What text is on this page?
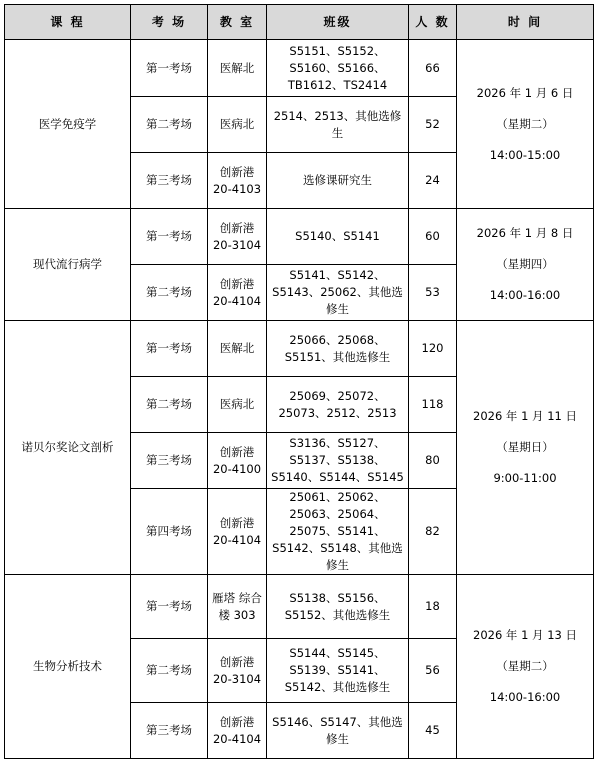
课 程	考 场	教 室	班级	人 数	时 间
医学免疫学	第一考场	医解北	S5151、S5152、S5160、S5166、TB1612、TS2414	66	2026 年 1 月 6 日
（星期二）
14:00-15:00

	第二考场	医病北	2514、2513、其他选修生	52	
	第三考场	创新港 20-4103	选修课研究生	24	
现代流行病学	第一考场	创新港 20-3104	S5140、S5141	60	2026 年 1 月 8 日
（星期四）
14:00-16:00

	第二考场	创新港 20-4104	S5141、S5142、S5143、25062、其他选修生	53	
诺贝尔奖论文剖析	第一考场	医解北	25066、25068、S5151、其他选修生	120	2026 年 1 月 11 日
（星期日）
9:00-11:00

	第二考场	医病北	25069、25072、25073、2512、2513	118	
	第三考场	创新港 20-4100	S3136、S5127、S5137、S5138、S5140、S5144、S5145	80	
	第四考场	创新港 20-4104	25061、25062、25063、25064、25075、S5141、S5142、S5148、其他选修生	82	
生物分析技术	第一考场	雁塔 综合楼 303	S5138、S5156、S5152、其他选修生	18	2026 年 1 月 13 日
（星期二）
14:00-16:00

	第二考场	创新港 20-3104	S5144、S5145、S5139、S5141、S5142、其他选修生	56	
	第三考场	创新港 20-4104	S5146、S5147、其他选修生	45	
